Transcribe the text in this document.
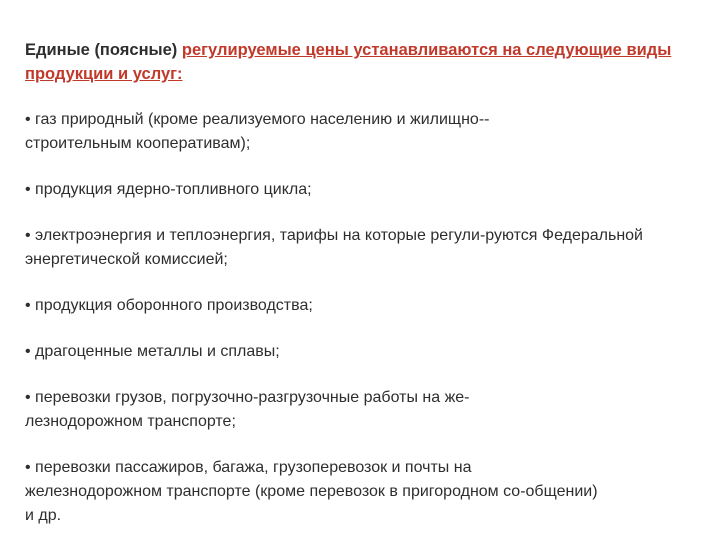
Единые (поясные) регулируемые цены устанавливаются на следующие виды продукции и услуг:
• газ природный (кроме реализуемого населению и жилищно-- строительным кооперативам);
• продукция ядерно-топливного цикла;
• электроэнергия и теплоэнергия, тарифы на которые регули-руются Федеральной энергетической комиссией;
• продукция оборонного производства;
• драгоценные металлы и сплавы;
• перевозки грузов, погрузочно-разгрузочные работы на же-лезнодорожном транспорте;
• перевозки пассажиров, багажа, грузоперевозок и почты на железнодорожном транспорте (кроме перевозок в пригородном со-общении) и др.
